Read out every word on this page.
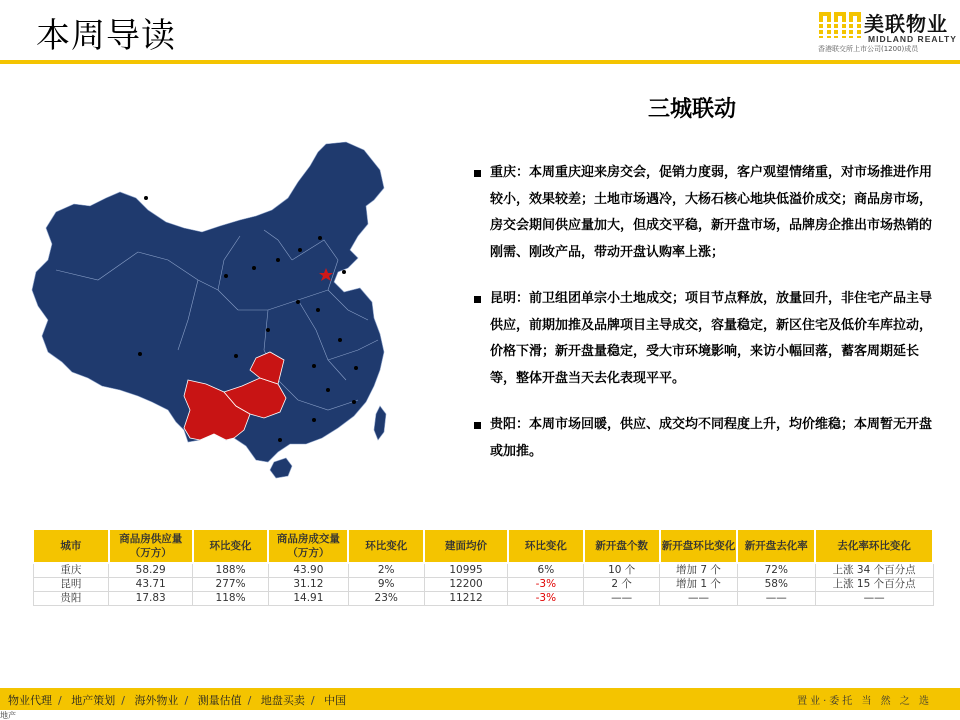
本周导读	美联物业
MIDLAND REALTY
香港联交所上市公司(1200)成员
三城联动
重庆：本周重庆迎来房交会，促销力度弱，客户观望情绪重，对市场推进作用较小，效果较差；土地市场遇冷，大杨石核心地块低溢价成交；商品房市场，房交会期间供应量加大，但成交平稳，新开盘市场，品牌房企推出市场热销的刚需、刚改产品，带动开盘认购率上涨；
昆明：前卫组团单宗小土地成交；项目节点释放，放量回升，非住宅产品主导供应，前期加推及品牌项目主导成交，容量稳定，新区住宅及低价车库拉动，价格下滑；新开盘量稳定，受大市环境影响，来访小幅回落，蓄客周期延长等，整体开盘当天去化表现平平。
贵阳：本周市场回暖，供应、成交均不同程度上升，均价维稳；本周暂无开盘或加推。
城市	商品房供应量（万方）	环比变化	商品房成交量（万方）	环比变化	建面均价	环比变化	新开盘个数	新开盘环比变化	新开盘去化率	去化率环比变化
重庆	58.29	188%	43.90	2%	10995	6%	10 个	增加 7 个	72%	上涨 34 个百分点
昆明	43.71	277%	31.12	9%	12200	-3%	2 个	增加 1 个	58%	上涨 15 个百分点
贵阳	17.83	118%	14.91	23%	11212	-3%	——	——	——	——
物业代理 / 地产策划 / 海外物业 / 测量估值 / 地盘买卖 / 中国	置业·委托 当 然 之 选
地产
